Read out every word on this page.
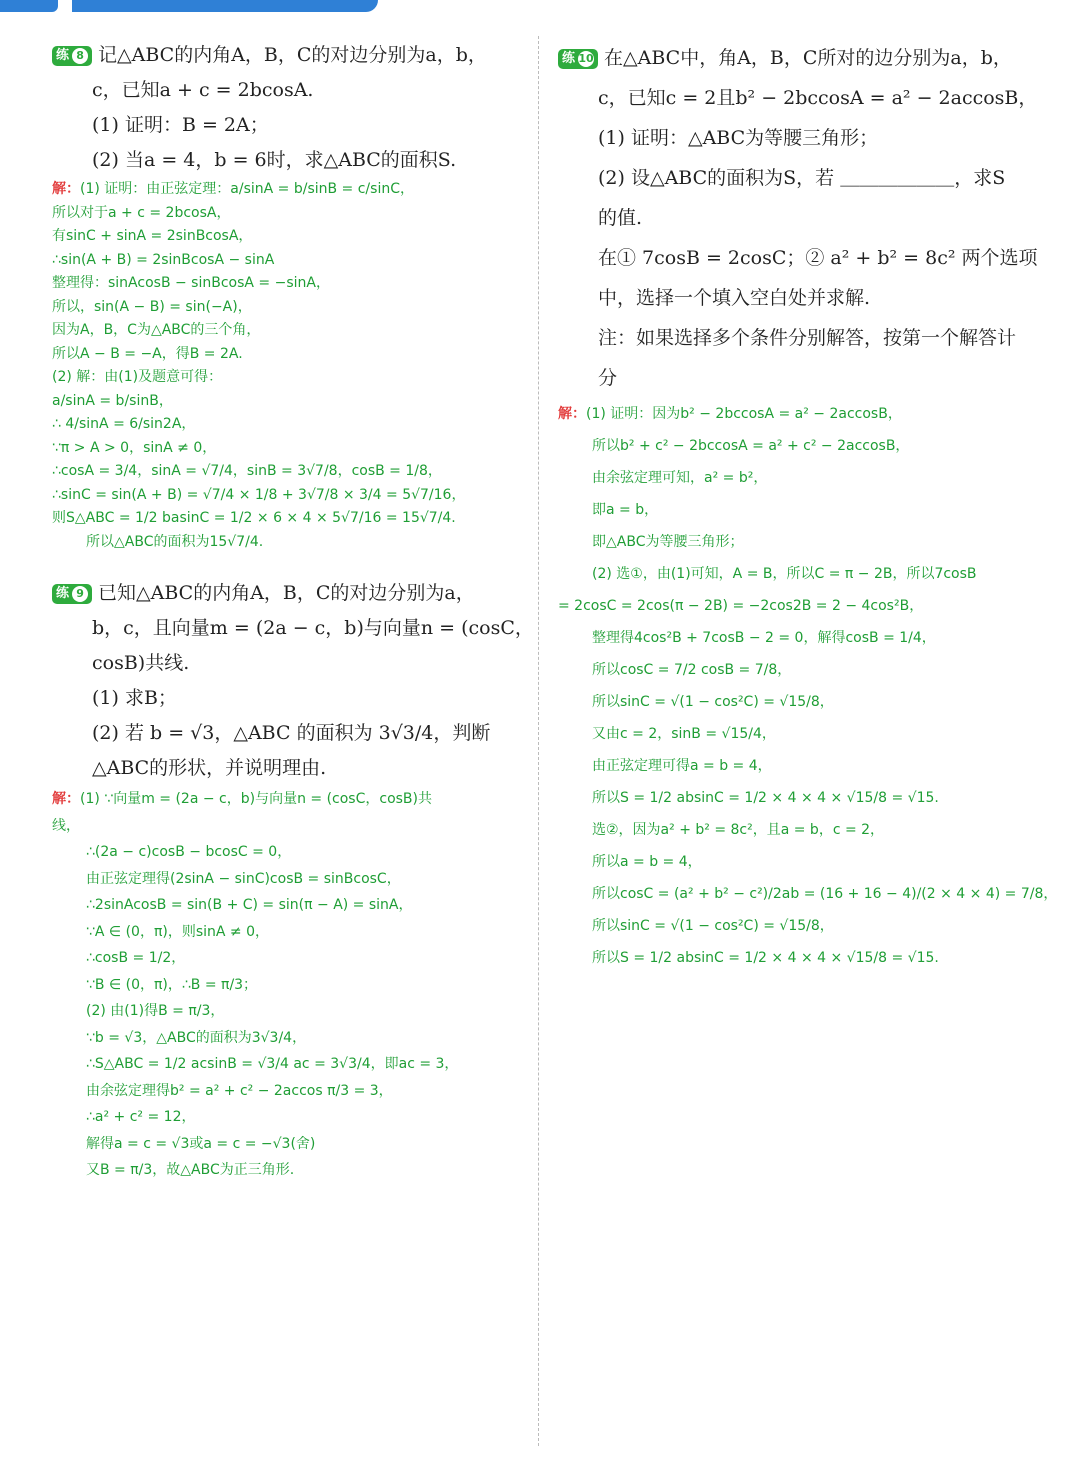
练 8 记△ABC的内角A，B，C的对边分别为a，b，
c，已知a + c = 2bcosA.
(1) 证明：B = 2A；
(2) 当a = 4，b = 6时，求△ABC的面积S.
解：(1) 证明：由正弦定理：a/sinA = b/sinB = c/sinC，
所以对于a + c = 2bcosA，
有sinC + sinA = 2sinBcosA，
∴sin(A + B) = 2sinBcosA − sinA
整理得：sinAcosB − sinBcosA = −sinA，
所以，sin(A − B) = sin(−A)，
因为A，B，C为△ABC的三个角，
所以A − B = −A，得B = 2A.
(2) 解：由(1)及题意可得：
a/sinA = b/sinB，
∴ 4/sinA = 6/sin2A，
∵π > A > 0，sinA ≠ 0，
∴cosA = 3/4，sinA = √7/4，sinB = 3√7/8，cosB = 1/8，
∴sinC = sin(A + B) = √7/4 × 1/8 + 3√7/8 × 3/4 = 5√7/16，
则S△ABC = 1/2 basinC = 1/2 × 6 × 4 × 5√7/16 = 15√7/4.
所以△ABC的面积为15√7/4.
练 9 已知△ABC的内角A，B，C的对边分别为a，
b，c，且向量m = (2a − c，b)与向量n = (cosC，
cosB)共线.
(1) 求B；
(2) 若 b = √3，△ABC 的面积为 3√3/4，判断
△ABC的形状，并说明理由.
解：(1) ∵向量m = (2a − c，b)与向量n = (cosC，cosB)共
线，
∴(2a − c)cosB − bcosC = 0，
由正弦定理得(2sinA − sinC)cosB = sinBcosC，
∴2sinAcosB = sin(B + C) = sin(π − A) = sinA，
∵A ∈ (0，π)，则sinA ≠ 0，
∴cosB = 1/2，
∵B ∈ (0，π)，∴B = π/3；
(2) 由(1)得B = π/3，
∵b = √3，△ABC的面积为3√3/4，
∴S△ABC = 1/2 acsinB = √3/4 ac = 3√3/4，即ac = 3，
由余弦定理得b² = a² + c² − 2accos π/3 = 3，
∴a² + c² = 12，
解得a = c = √3或a = c = −√3(舍)
又B = π/3，故△ABC为正三角形.
练 10 在△ABC中，角A，B，C所对的边分别为a，b，
c，已知c = 2且b² − 2bccosA = a² − 2accosB，
(1) 证明：△ABC为等腰三角形；
(2) 设△ABC的面积为S，若 ＿＿＿＿＿＿，求S
的值.
在① 7cosB = 2cosC；② a² + b² = 8c² 两个选项
中，选择一个填入空白处并求解.
注：如果选择多个条件分别解答，按第一个解答计
分
解：(1) 证明：因为b² − 2bccosA = a² − 2accosB，
所以b² + c² − 2bccosA = a² + c² − 2accosB，
由余弦定理可知，a² = b²，
即a = b，
即△ABC为等腰三角形；
(2) 选①，由(1)可知，A = B，所以C = π − 2B，所以7cosB
= 2cosC = 2cos(π − 2B) = −2cos2B = 2 − 4cos²B，
整理得4cos²B + 7cosB − 2 = 0，解得cosB = 1/4，
所以cosC = 7/2 cosB = 7/8，
所以sinC = √(1 − cos²C) = √15/8，
又由c = 2，sinB = √15/4，
由正弦定理可得a = b = 4，
所以S = 1/2 absinC = 1/2 × 4 × 4 × √15/8 = √15.
选②，因为a² + b² = 8c²，且a = b，c = 2，
所以a = b = 4，
所以cosC = (a² + b² − c²)/2ab = (16 + 16 − 4)/(2 × 4 × 4) = 7/8，
所以sinC = √(1 − cos²C) = √15/8，
所以S = 1/2 absinC = 1/2 × 4 × 4 × √15/8 = √15.
